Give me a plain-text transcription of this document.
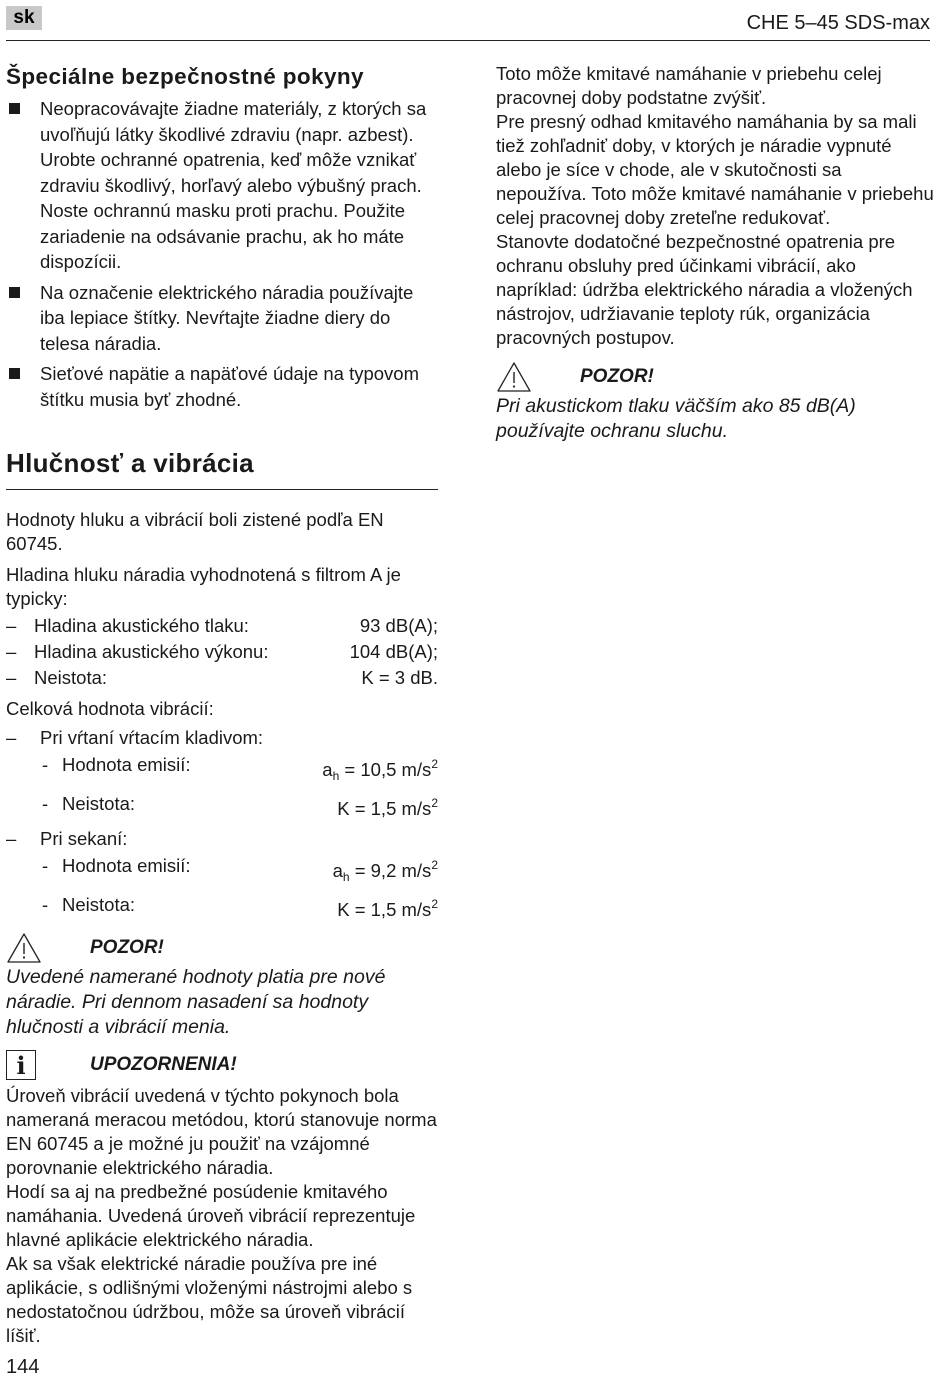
sk	CHE 5–45 SDS-max
Špeciálne bezpečnostné pokyny
Neopracovávajte žiadne materiály, z ktorých sa uvoľňujú látky škodlivé zdraviu (napr. azbest). Urobte ochranné opatrenia, keď môže vznikať zdraviu škodlivý, horľavý alebo výbušný prach. Noste ochrannú masku proti prachu. Použite zariadenie na odsávanie prachu, ak ho máte dispozícii.
Na označenie elektrického náradia používajte iba lepiace štítky. Nevŕtajte žiadne diery do telesa náradia.
Sieťové napätie a napäťové údaje na typovom štítku musia byť zhodné.
Hlučnosť a vibrácia

Hodnoty hluku a vibrácií boli zistené podľa EN 60745.

Hladina hluku náradia vyhodnotená s filtrom A je typicky:

– Hladina akustického tlaku:	93 dB(A);
– Hladina akustického výkonu:	104 dB(A);
– Neistota:	K = 3 dB.

Celková hodnota vibrácií:

–	Pri vŕtaní vŕtacím kladivom:
- Hodnota emisií:	$a_h = 10,5$ $m/s^2$
- Neistota:	K = 1,5 $m/s^2$
–	Pri sekaní:
- Hodnota emisií:	$a_h = 9,2$ $m/s^2$
- Neistota:	K = 1,5 $m/s^2$
POZOR!

Uvedené namerané hodnoty platia pre nové náradie. Pri dennom nasadení sa hodnoty hlučnosti a vibrácií menia.

i	UPOZORNENIA!

Úroveň vibrácií uvedená v týchto pokynoch bola nameraná meracou metódou, ktorú stanovuje norma EN 60745 a je možné ju použiť na vzájomné porovnanie elektrického náradia.

Hodí sa aj na predbežné posúdenie kmitavého namáhania. Uvedená úroveň vibrácií reprezentuje hlavné aplikácie elektrického náradia.

Ak sa však elektrické náradie používa pre iné aplikácie, s odlišnými vloženými nástrojmi alebo s nedostatočnou údržbou, môže sa úroveň vibrácií líšiť.

Toto môže kmitavé namáhanie v priebehu celej pracovnej doby podstatne zvýšiť.

Pre presný odhad kmitavého namáhania by sa mali tiež zohľadniť doby, v ktorých je náradie vypnuté alebo je síce v chode, ale v skutočnosti sa nepoužíva. Toto môže kmitavé namáhanie v priebehu celej pracovnej doby zreteľne redukovať.

Stanovte dodatočné bezpečnostné opatrenia pre ochranu obsluhy pred účinkami vibrácií, ako napríklad: údržba elektrického náradia a vložených nástrojov, udržiavanie teploty rúk, organizácia pracovných postupov.

POZOR!

Pri akustickom tlaku väčším ako 85 dB(A) používajte ochranu sluchu.

144
